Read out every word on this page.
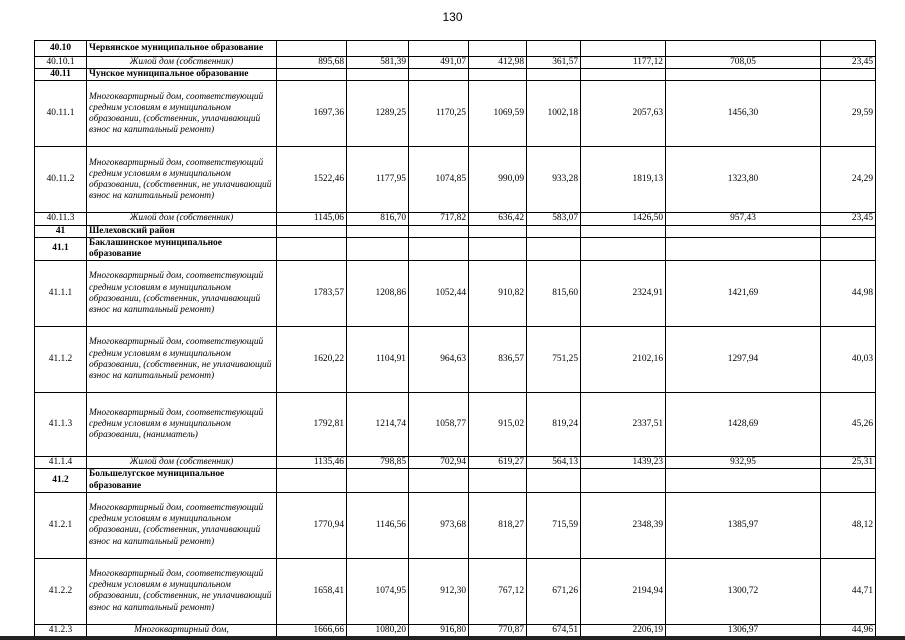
130
40.10	Червянское муниципальное образование								
40.10.1	Жилой дом (собственник)	895,68	581,39	491,07	412,98	361,57	1177,12	708,05	23,45
40.11	Чунское муниципальное образование								
40.11.1	Многоквартирный дом, соответствующий средним условиям в муниципальном образовании, (собственник, уплачивающий взнос на капитальный ремонт)	1697,36	1289,25	1170,25	1069,59	1002,18	2057,63	1456,30	29,59
40.11.2	Многоквартирный дом, соответствующий средним условиям в муниципальном образовании, (собственник, не уплачивающий взнос на капитальный ремонт)	1522,46	1177,95	1074,85	990,09	933,28	1819,13	1323,80	24,29
40.11.3	Жилой дом (собственник)	1145,06	816,70	717,82	636,42	583,07	1426,50	957,43	23,45
41	Шелеховский район								
41.1	Баклашинское муниципальное образование								
41.1.1	Многоквартирный дом, соответствующий средним условиям в муниципальном образовании, (собственник, уплачивающий взнос на капитальный ремонт)	1783,57	1208,86	1052,44	910,82	815,60	2324,91	1421,69	44,98
41.1.2	Многоквартирный дом, соответствующий средним условиям в муниципальном образовании, (собственник, не уплачивающий взнос на капитальный ремонт)	1620,22	1104,91	964,63	836,57	751,25	2102,16	1297,94	40,03
41.1.3	Многоквартирный дом, соответствующий средним условиям в муниципальном образовании, (наниматель)	1792,81	1214,74	1058,77	915,02	819,24	2337,51	1428,69	45,26
41.1.4	Жилой дом (собственник)	1135,46	798,85	702,94	619,27	564,13	1439,23	932,95	25,31
41.2	Большелугское муниципальное образование								
41.2.1	Многоквартирный дом, соответствующий средним условиям в муниципальном образовании, (собственник, уплачивающий взнос на капитальный ремонт)	1770,94	1146,56	973,68	818,27	715,59	2348,39	1385,97	48,12
41.2.2	Многоквартирный дом, соответствующий средним условиям в муниципальном образовании, (собственник, не уплачивающий взнос на капитальный ремонт)	1658,41	1074,95	912,30	767,12	671,26	2194,94	1300,72	44,71
41.2.3	Многоквартирный дом,	1666,66	1080,20	916,80	770,87	674,51	2206,19	1306,97	44,96
